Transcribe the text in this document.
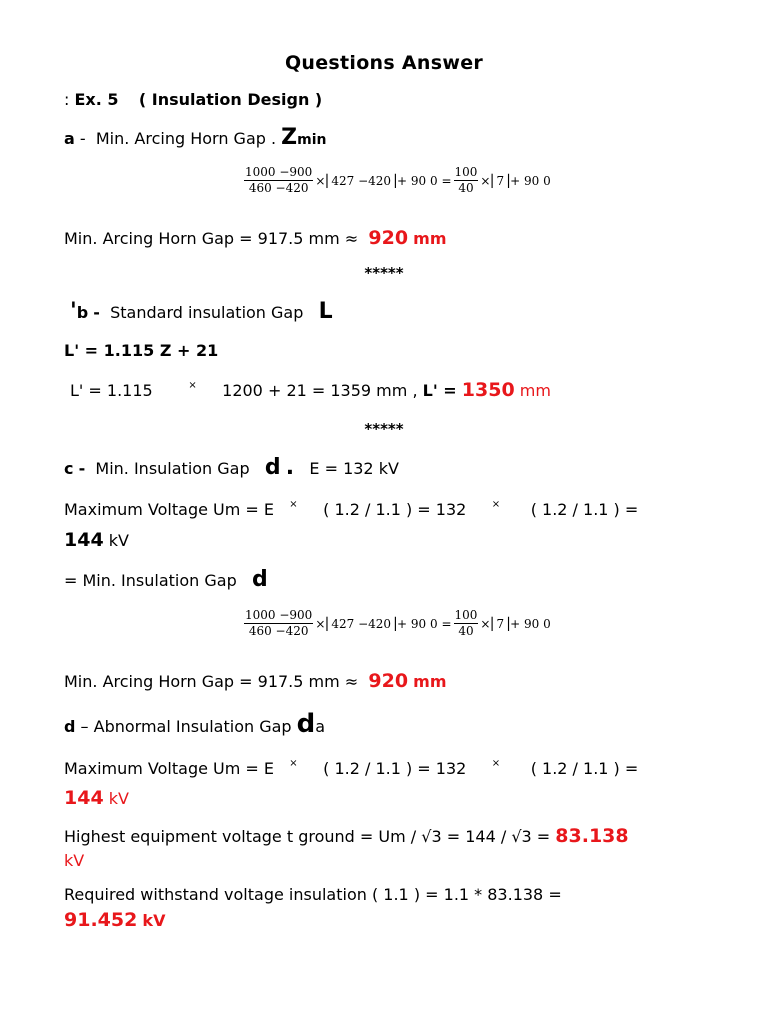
Questions Answer
: Ex. 5 ( Insulation Design )
a - Min. Arcing Horn Gap . Zmin
$\frac{1000 -900}{460 -420}$ ×⎜427 −420⎟+ 90 $0 = \frac{100}{40}$ ×⎜7⎟+ 90 0
Min. Arcing Horn Gap = 917.5 mm ≈ 920 mm
*****
'b - Standard insulation Gap L
L' = 1.115 Z + 21
L' = 1.115	× 1200 + 21 = 1359 mm , L' = 1350 mm
*****
c - Min. Insulation Gap d . E = 132 kV
Maximum Voltage Um = E × ( 1.2 / 1.1 ) = 132	× ( 1.2 / 1.1 ) =
144 kV
= Min. Insulation Gap d
$\frac{1000 -900}{460 -420}$ ×⎜427 −420⎟+ 90 $0 = \frac{100}{40}$ ×⎜7⎟+ 90 0
Min. Arcing Horn Gap = 917.5 mm ≈ 920 mm
d – Abnormal Insulation Gap da
Maximum Voltage Um = E × ( 1.2 / 1.1 ) = 132	× ( 1.2 / 1.1 ) =
144 kV
Highest equipment voltage t ground = Um / √3 = 144 / √3 = 83.138
kV
Required withstand voltage insulation ( 1.1 ) = 1.1 * 83.138 =
91.452 kV
